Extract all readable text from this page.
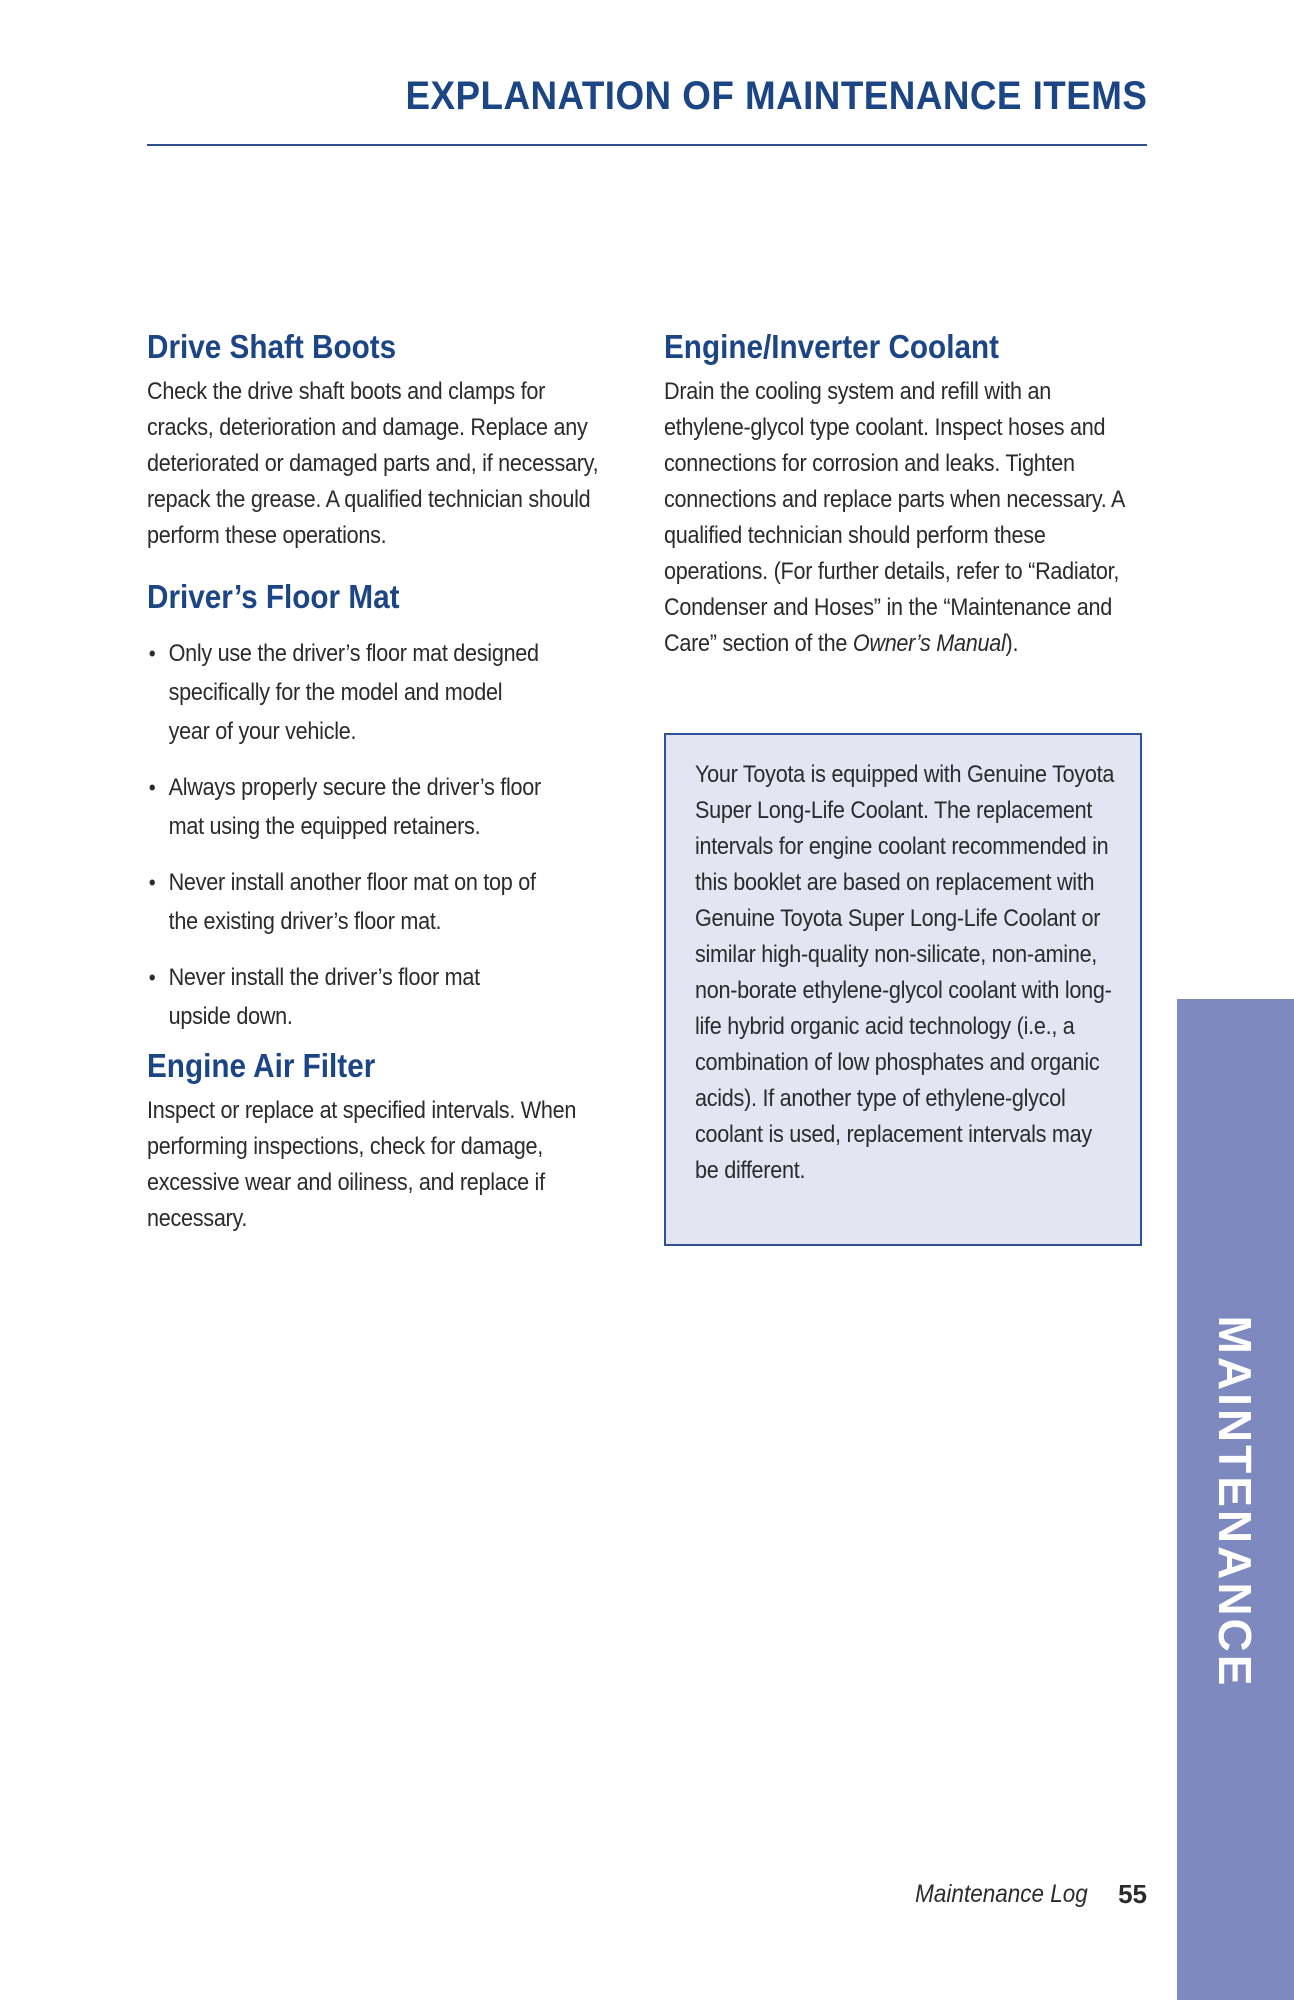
EXPLANATION OF MAINTENANCE ITEMS
Drive Shaft Boots

Check the drive shaft boots and clamps for cracks, deterioration and damage. Replace any deteriorated or damaged parts and, if necessary, repack the grease. A qualified technician should perform these operations.

Driver’s Floor Mat
• Only use the driver’s floor mat designed specifically for the model and model year of your vehicle.
• Always properly secure the driver’s floor mat using the equipped retainers.
• Never install another floor mat on top of the existing driver’s floor mat.
• Never install the driver’s floor mat upside down.
Engine Air Filter

Inspect or replace at specified intervals. When performing inspections, check for damage, excessive wear and oiliness, and replace if necessary.

Engine/Inverter Coolant

Drain the cooling system and refill with an ethylene-glycol type coolant. Inspect hoses and connections for corrosion and leaks. Tighten connections and replace parts when necessary. A qualified technician should perform these operations. (For further details, refer to “Radiator, Condenser and Hoses” in the “Maintenance and Care” section of the Owner’s Manual).

Your Toyota is equipped with Genuine Toyota Super Long-Life Coolant. The replacement intervals for engine coolant recommended in this booklet are based on replacement with Genuine Toyota Super Long-Life Coolant or similar high-quality non-silicate, non-amine, non-borate ethylene-glycol coolant with long-life hybrid organic acid technology (i.e., a combination of low phosphates and organic acids). If another type of ethylene-glycol coolant is used, replacement intervals may be different.

MAINTENANCE
Maintenance Log 55
